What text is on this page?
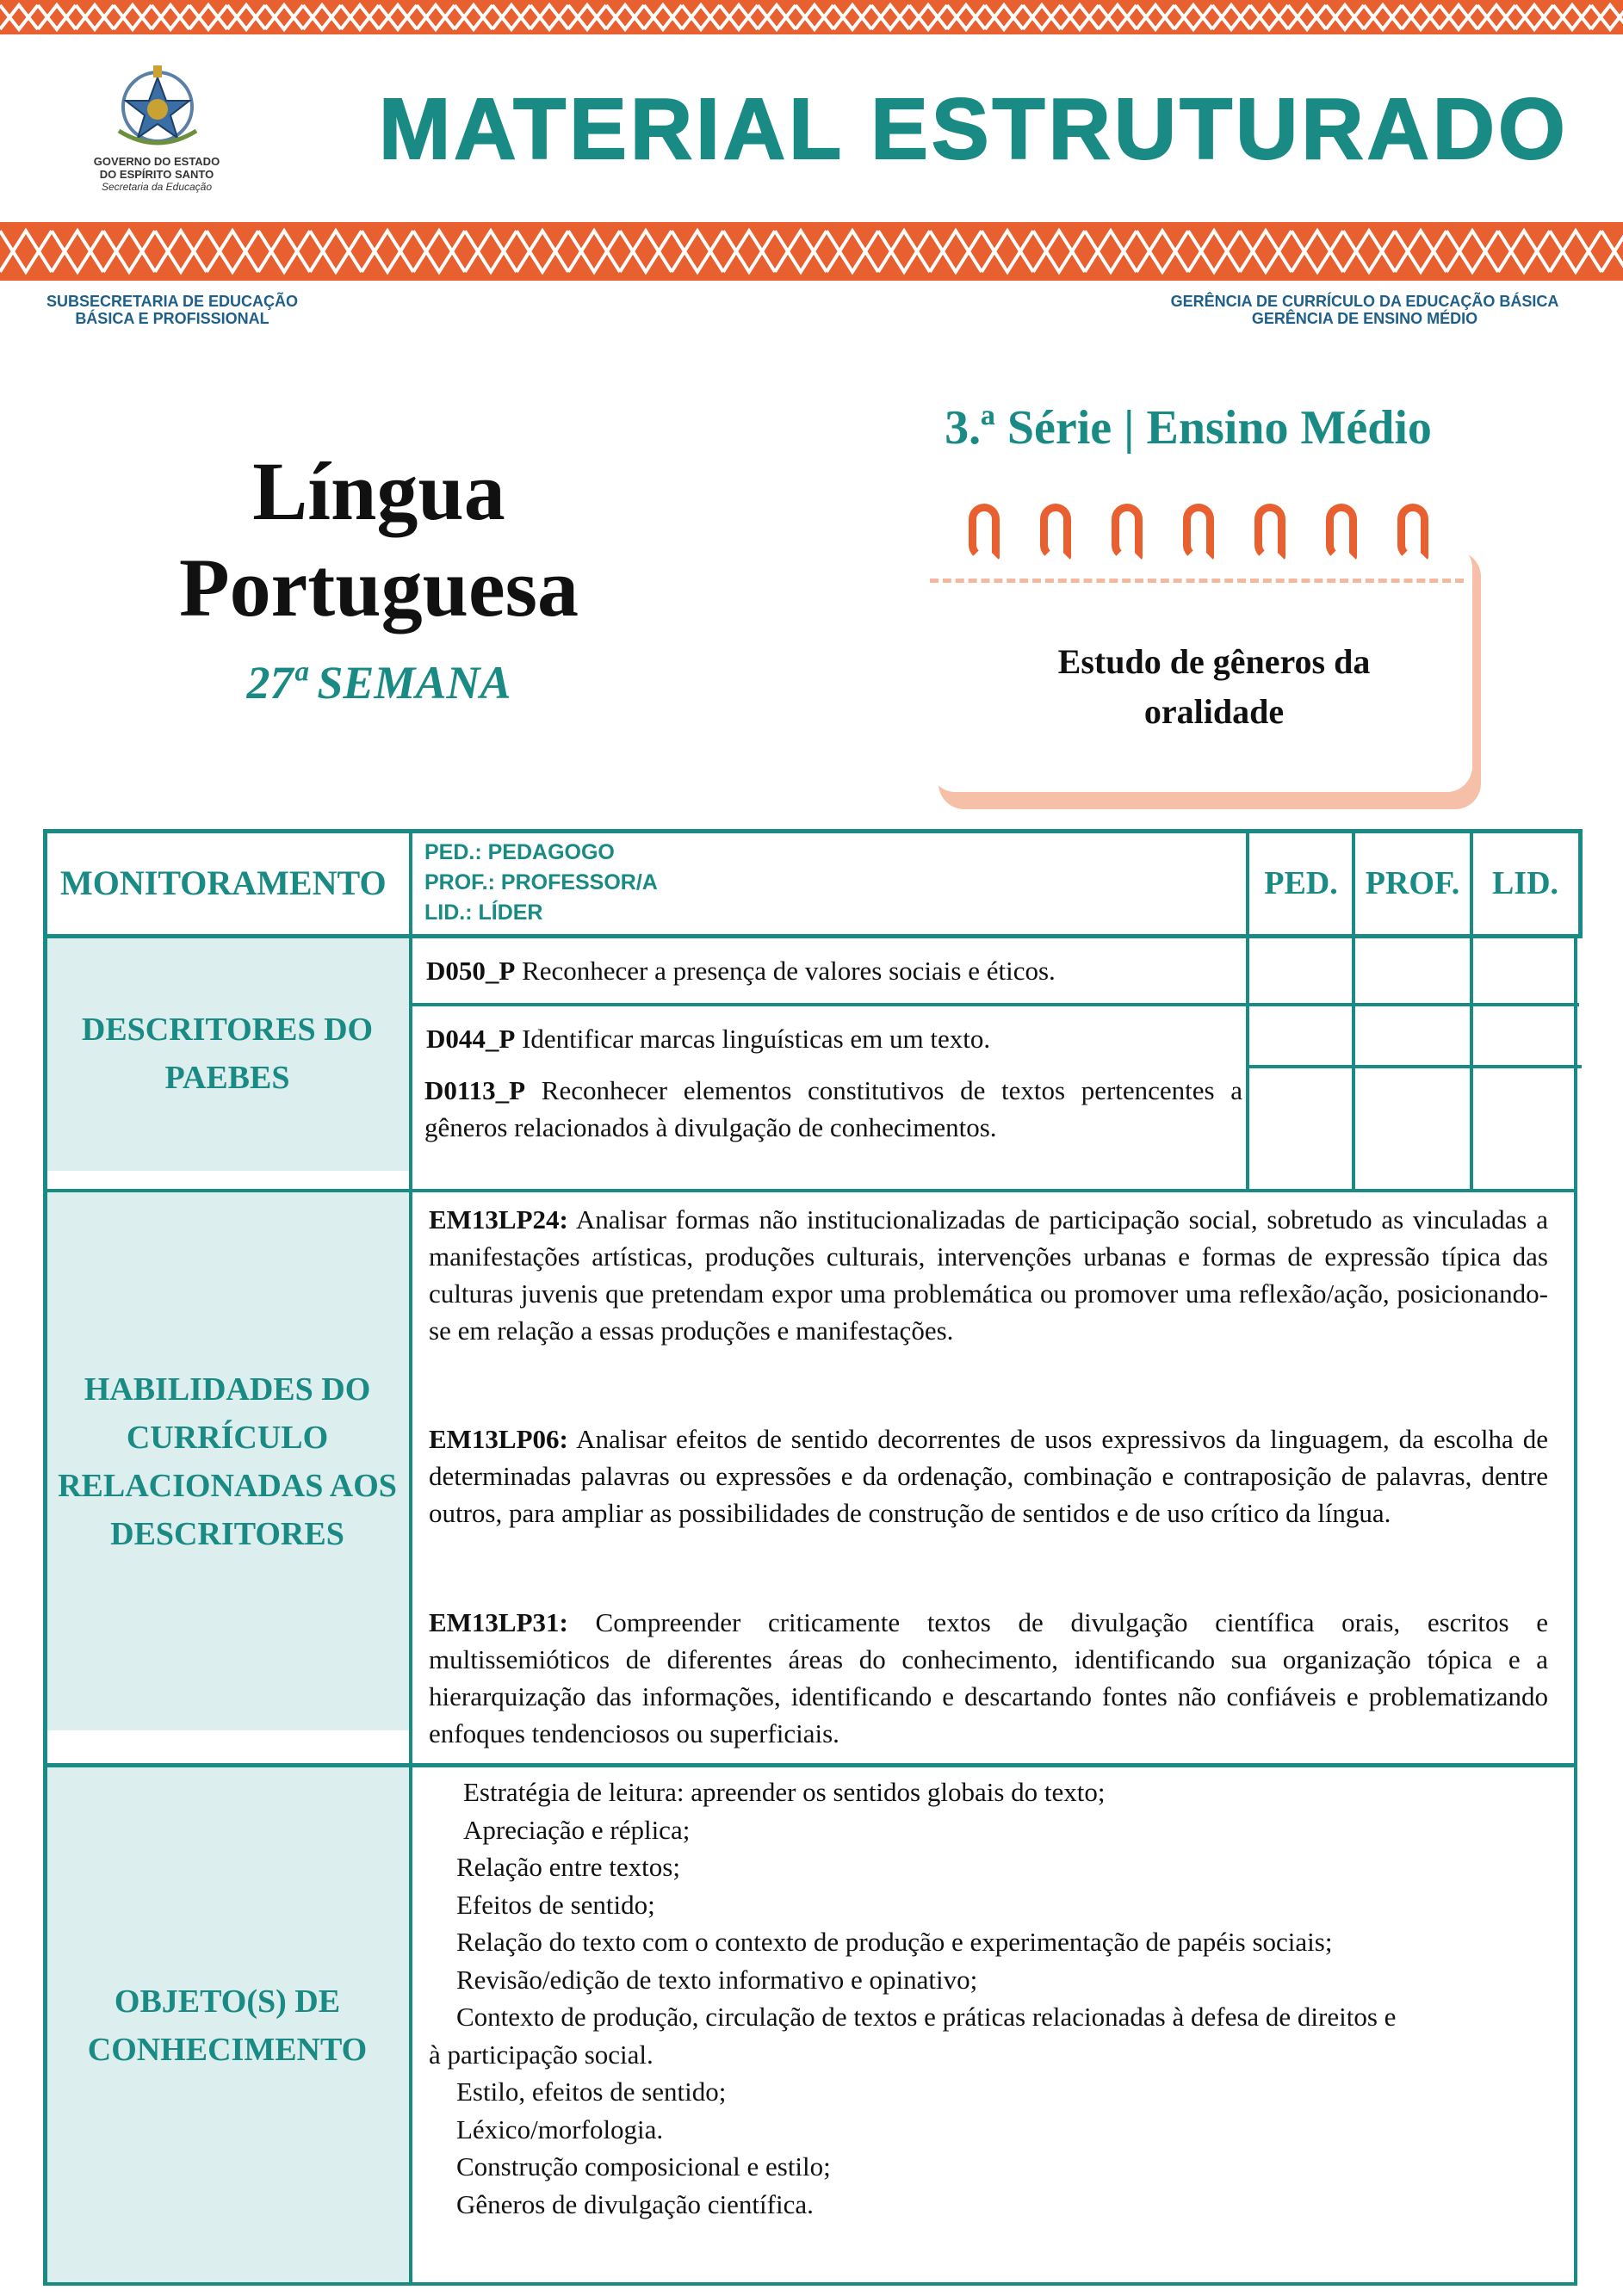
GOVERNO DO ESTADO
DO ESPÍRITO SANTO
Secretaria da Educação
MATERIAL ESTRUTURADO
SUBSECRETARIA DE EDUCAÇÃO
BÁSICA E PROFISSIONAL
GERÊNCIA DE CURRÍCULO DA EDUCAÇÃO BÁSICA
GERÊNCIA DE ENSINO MÉDIO
Língua
Portuguesa
27ª SEMANA
3.ª Série | Ensino Médio
Estudo de gêneros da
oralidade
DESCRITORES DO PAEBES
HABILIDADES DO CURRÍCULO RELACIONADAS AOS DESCRITORES
OBJETO(S) DE CONHECIMENTO
MONITORAMENTO
PED.: PEDAGOGO
PROF.: PROFESSOR/A
LID.: LÍDER
PED. PROF. LID.
D050_P Reconhecer a presença de valores sociais e éticos.
D044_P Identificar marcas linguísticas em um texto.
D0113_P Reconhecer elementos constitutivos de textos pertencentes a gêneros relacionados à divulgação de conhecimentos.
EM13LP24: Analisar formas não institucionalizadas de participação social, sobretudo as vinculadas a manifestações artísticas, produções culturais, intervenções urbanas e formas de expressão típica das culturas juvenis que pretendam expor uma problemática ou promover uma reflexão/ação, posicionando-se em relação a essas produções e manifestações.
EM13LP06: Analisar efeitos de sentido decorrentes de usos expressivos da linguagem, da escolha de determinadas palavras ou expressões e da ordenação, combinação e contraposição de palavras, dentre outros, para ampliar as possibilidades de construção de sentidos e de uso crítico da língua.
EM13LP31: Compreender criticamente textos de divulgação científica orais, escritos e multissemióticos de diferentes áreas do conhecimento, identificando sua organização tópica e a hierarquização das informações, identificando e descartando fontes não confiáveis e problematizando enfoques tendenciosos ou superficiais.
Estratégia de leitura: apreender os sentidos globais do texto;
Apreciação e réplica;
Relação entre textos;
Efeitos de sentido;
Relação do texto com o contexto de produção e experimentação de papéis sociais;
Revisão/edição de texto informativo e opinativo;
Contexto de produção, circulação de textos e práticas relacionadas à defesa de direitos e
à participação social.
Estilo, efeitos de sentido;
Léxico/morfologia.
Construção composicional e estilo;
Gêneros de divulgação científica.
